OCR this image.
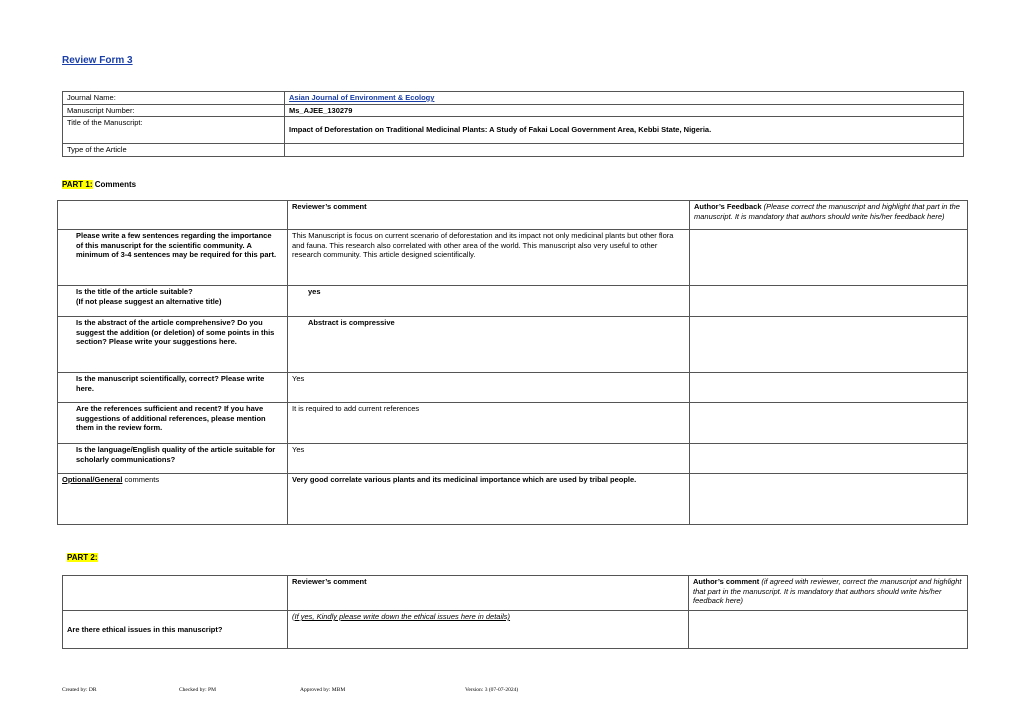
Review Form 3
Journal Name:	Asian Journal of Environment & Ecology
Manuscript Number:	Ms_AJEE_130279
Title of the Manuscript:	Impact of Deforestation on Traditional Medicinal Plants: A Study of Fakai Local Government Area, Kebbi State, Nigeria.
Type of the Article	
PART 1: Comments
	Reviewer’s comment	Author’s Feedback (Please correct the manuscript and highlight that part in the manuscript. It is mandatory that authors should write his/her feedback here)
Please write a few sentences regarding the importance of this manuscript for the scientific community. A minimum of 3-4 sentences may be required for this part.	This Manuscript is focus on current scenario of deforestation and its impact not only medicinal plants but other flora and fauna. This research also correlated with other area of the world. This manuscript also very useful to other research community. This article designed scientifically.	
Is the title of the article suitable?
(If not please suggest an alternative title)	yes	
Is the abstract of the article comprehensive? Do you suggest the addition (or deletion) of some points in this section? Please write your suggestions here.	Abstract is compressive	
Is the manuscript scientifically, correct? Please write here.	Yes	
Are the references sufficient and recent? If you have suggestions of additional references, please mention them in the review form.	It is required to add current references	
Is the language/English quality of the article suitable for scholarly communications?	Yes	
Optional/General comments	Very good correlate various plants and its medicinal importance which are used by tribal people.	
PART 2:
	Reviewer’s comment	Author’s comment (if agreed with reviewer, correct the manuscript and highlight that part in the manuscript. It is mandatory that authors should write his/her feedback here)
Are there ethical issues in this manuscript?	(If yes, Kindly please write down the ethical issues here in details)	
Created by: DR	Checked by: PM	Approved by: MBM	Version: 3 (07-07-2024)
